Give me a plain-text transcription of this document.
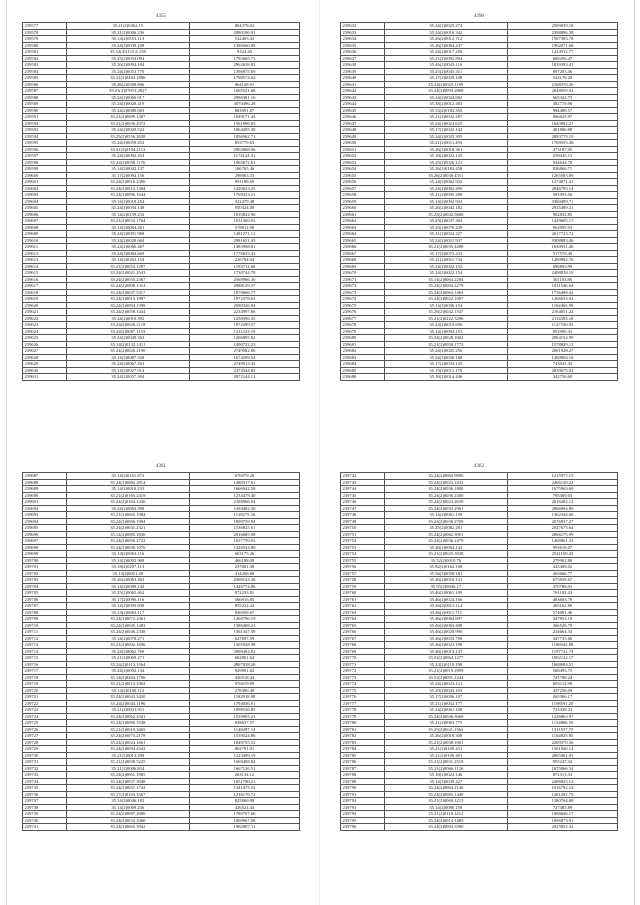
4355
239577	35.21(2)0462.15	804378.02
239578	35.21(2)0006.236	2880186.91
239579	35.14(2)0553.113	532403.43
239580	35.24(2)0039.108	1386560.89
239581	35.52(4)1115.6.158	9324.40
239582	35.25(2)0054.094	1795669.73
239583	35.26(2)0094.184	2962638.82
239584	35.24(2)0053.770	1396975.69
239585	35.21(2)0484.1886	1798574.02
239586	35.26(2)0508.886	864128.91
239587	35.21(2)0769T.2827	1665521.68
239588	35.24(2)0066.917	2986381.16
239589	35.24(2)0028.419	3070496.28
239590	35.24(2)0080.683	683091.87
239591	35.21(2)0699.1387	1849171.43
239592	35.21(2)0036.2572	1561896.83
239593	35.24(2)0029.522	1864205.30
239594	35.25(2)0556.2638	1856962.71
239595	35.24(2)0059.452	853779.63
239596	35.21(2)0104.2113	2902868.96
239597	35.24(2)0092.454	1174124.31
239598	35.24(2)0058.1176	1965672.61
239599	35.14(2)0042.137	166765.46
239600	35.17(2)0094.156	298963.33
239601	35.24(2)0016.2396	991190.69
239602	35.24(2)0013.1384	1420023.25
239603	35.24(2)0096.1644	1768323.21
239604	35.14(2)0019.254	322479.48
239605	35.24(2)0034.149	950324.08
239606	35.14(2)0139.232	1810822.96
239607	35.21(2)0033.1764	1031369.91
239608	35.14(2)0084.261	578011.88
239609	35.24(2)0091.968	1481271.12
239610	35.24(2)0028.664	2981651.45
239611	35.24(2)0066.467	1383908.81
239612	35.24(2)0084.669	1776635.43
239613	35.14(2)0263.154	226794.04
239614	35.21(2)0053.1287	1183712.60
239615	35.24(2)0021.2543	1730744.78
239616	35.24(2)0035.2367	2569966.36
239617	35.24(2)0008.1314	2988129.37
239618	35.24(2)0037.5317	1879666.77
239619	35.24(2)0013.1997	1972378.63
239620	35.24(2)0094.1399	2580326.04
239621	35.24(2)0058.1434	2234997.66
239622	35.24(2)0019.392	1258396.35
239623	35.24(2)0026.2118	1872399.57
239624	35.24(2)0087.1153	1211223.19
239625	35.24(2)0049.363	1266895.82
239626	35.14(2)0132.1411	1490732.23
239627	35.24(2)0026.2190	2749582.06
239628	35.14(2)0087.328	1674298.54
239629	35.24(2)0067.263	2749913.43
239630	35.14(2)0027.914	2474344.82
239631	35.24(2)0057.394	2872144.12
4390
239632	35.24(2)0025.274	2509039.18
239633	35.24(2)0016.342	2398896.38
239634	35.26(2)0012.712	1567383.78
239635	35.26(2)0064.247	1962071.68
239636	35.24(2)0017.258	1224912.77
239637	35.21(2)0092.894	669296.47
239638	35.46(2)0043.116	1839393.41
239639	35.25(2)0045.311	897203.46
239640	35.17(2)0029.108	544176.28
239641	35.24(2)0025.1199	2168376.26
239642	35.24(2)0093.2868	2648059.02
239643	35.24(2)0024.682	665342.73
239644	35.38(2)0012.483	382719.96
239645	35.33(2)0183.350	994488.57
239646	35.21(2)0032.287	866625.97
239647	35.24(2)0023.625	1643082.27
239648	35.17(2)0042.142	481886.88
239649	35.24(2)0025.395	2093775.19
239650	35.21(2)0011.493	1769555.46
239651	35.26(2)0018.361	473187.05
239652	35.18(2)0022.135	359445.11
239653	35.25(2)0026.121	934644.78
239654	35.26(2)0182.458	836866.71
239655	35.26(2)0038.4351	1265583.09
239656	35.24(2)0062.832	1274871.41
239657	35.24(2)0082.499	2946793.14
239658	35.21(2)0095.289	581093.06
239659	35.14(2)0092.932	3360499.71
239660	35.26(2)0042.182	2935489.21
239661	35.23(2)0042.5608	902832.85
239662	35.25(2)0037.302	1429605.17
239663	35.25(2)0076.239	962095.93
239664	35.21(2)0024.227	2617723.72
239665	35.24(2)0021.937	9308883.46
239666	35.21(2)0035.4288	1630931.46
239667	35.17(2)0073.232	517570.49
239668	35.21(2)0011.732	1260982.76
239669	35.24(2)0022.152	696893.99
239670	35.24(2)0022.154	2408818.10
239671	35.14(2)0064.2284	301183.86
239672	35.24(2)0004.2279	1811546.64
239673	35.24(2)0063.1463	1756498.42
239674	35.24(2)0022.1007	1266633.04
239675	35.14(2)0036.154	1162465.99
239676	35.26(2)0042.1547	2164051.22
239677	35.21(2)0222.3296	2114303.18
239678	35.24(2)0019.696	1127330.03
239679	35.14(2)0094.153	852900.33
239680	35.24(2)0028.1002	2064154.99
239681	35.21(2)0058.1773	1578029.12
239682	35.24(2)0025.256	2061928.27
239683	35.24(2)0036.188	1260904.18
239684	35.17(2)0034.135	743041.33
239685	35.19(2)0011.176	2839675.02
239686	35.18(2)0014.446	342756.60
4361
239687	35.14(2)0161.872	676079.26
239688	35.24(2)0082.2814	1480317.61
239689	35.14(2)0010.233	1666042.58
239690	35.21(2)0165.2419	1234478.40
239691	35.24(2)0164.1436	2188966.04
239692	35.24(2)0063.398	1494482.30
239693	35.21(2)0065.1984	1128275.16
239694	35.24(2)0066.1994	1909759.94
239695	35.24(2)0041.2321	1536825.61
239696	35.14(2)0085.1836	2916685.98
239697	35.24(2)0056.2722	1657759.91
239698	35.24(2)0030.1076	1426534.80
239699	35.14(2)0063.116	663175.26
239700	35.14(2)0092.968	466188.09
239701	35.18(2)0207.113	237001.08
239702	35.14(2)0051.49	414266.88
239703	35.26(2)0063.463	2360143.36
239704	35.14(2)0089.144	1426774.86
239705	35.25(2)0065.462	872233.81
239706	35.17(2)0096.116	566916.85
239707	35.14(2)0095.838	855222.42
239708	35.14(2)0063.117	836958.67
239709	35.24(2)0072.2361	1269796.19
239710	35.24(2)0045.1483	1386468.21
239711	35.24(2)0046.2348	1361347.39
239712	35.14(2)0078.271	627697.59
239713	35.21(2)0092.1696	1305928.98
239714	35.24(2)0062.769	2098404.92
239715	35.21(2)0069.271	662801.64
239716	35.24(2)0113.1364	2867058.26
239717	35.24(2)0092.134	929891.82
239718	35.14(2)0204.1796	426518.44
239719	35.21(2)0013.1062	976619.99
239720	35.14(2)0100.112	278496.40
239721	35.24(2)0043.3420	1182918.98
239722	35.24(2)0043.1196	1794036.91
239723	35.21(2)0031.911	1098526.85
239724	35.24(2)0062.2341	1539905.21
239725	35.24(2)0080.3548	838637.57
239726	35.21(2)0010.3465	1148297.14
239727	35.24(2)0073.2178	1539524.86
239728	35.24(2)0024.1661	1849755.52
239729	35.24(2)0094.4542	862791.91
239730	35.21(2)0013.299	1223499.19
239731	35.21(2)0038.5225	1669408.84
239732	35.21(2)0006.834	1667126.51
239733	35.24(2)0061.1985	263134.12
239734	35.24(2)0037.3048	1851790.21
239735	35.24(2)0057.1742	1341475.52
239736	35.17(2)0103.3367	1216176.72
239737	35.14(2)0046.182	825866.08
239738	35.14(2)0009.236	426524.43
239739	35.24(2)0087.2000	1780707.66
239740	35.24(2)0033.3360	1800967.08
239741	35.24(2)0065.3942	1982807.11
4362
239742	35.24(2)0063.9996	1215975.15
239743	35.24(2)0023.2432	2466128.22
239744	35.24(2)0036.1888	1675963.69
239745	35.24(2)0036.2300	795369.03
239746	35.24(2)0023.2639	2016262.12
239747	35.24(2)0033.2961	2866994.80
239748	35.14(2)0061.159	1362344.66
239749	35.24(2)0036.2709	2076937.27
239750	35.25(2)0082.281	2047675.64
239751	35.24(2)0062.3951	2066175.99
239752	35.24(2)0036.2479	1468861.33
239753	35.26(2)0064.142	993618.07
239754	35.21(2)0025.3938	2541169.43
239755	35.52(2)0010.76	279962.80
239756	35.82(2)0162.108	443408.02
239757	35.56(2)0058.181	463666.77
239758	35.46(2)0010.141	675839.67
239759	35.55(2)0046.17	470786.01
239760	35.46(2)0061.109	761182.43
239761	35.46(2)0024.166	483603.78
239762	35.46(2)0011.114	465162.80
239763	35.46(2)0011.711	574081.46
239764	35.46(2)0064.697	347853.19
239765	35.46(2)0063.498	266526.79
239766	35.46(2)0028.990	234664.34
239767	35.46(2)0033.798	347735.66
239768	35.46(2)0023.198	1186942.88
239769	35.46(2)0013.147	1197721.73
239770	35.52(2)0064.1277	1002122.17
239771	35.24(2)0110.198	1668684.51
239772	35.21(2)0019.2999	568493.75
239773	35.52(2)0091.1244	745788.24
239774	35.24(2)0023.121	603112.90
239775	35.29(2)0043.103	447256.09
239776	35.17(2)0096.107	265366.17
239777	35.21(2)0032.177	1198591.20
239778	35.24(2)0061.108	733438.23
239779	35.24(2)0046.3069	1226863.97
239780	35.21(2)0063.775	1134866.59
239781	35.25(2)0021.1562	1311557.75
239782	35.26(2)0018.308	1164825.85
239783	35.21(2)0038.1001	2269370.36
239784	35.21(2)0109.431	1561940.14
239785	35.21(2)0106.401	2065461.03
239786	35.21(2)0031.2518	955247.34
239787	35.21(2)0066.1126	1675866.34
239788	35.18(2)0024.146	872313.33
239789	35.14(2)0039.427	2466825.12
239790	35.24(2)0064.2146	1016792.12
239791	35.24(2)0083.1449	1261282.70
239792	35.21(2)0060.1213	1380764.68
239793	35.14(2)0080.158	727485.89
239794	35.21(2)0110.1412	1066646.17
239795	35.24(2)0014.1485	1696873.91
239796	35.24(2)0003.3390	2025852.32
